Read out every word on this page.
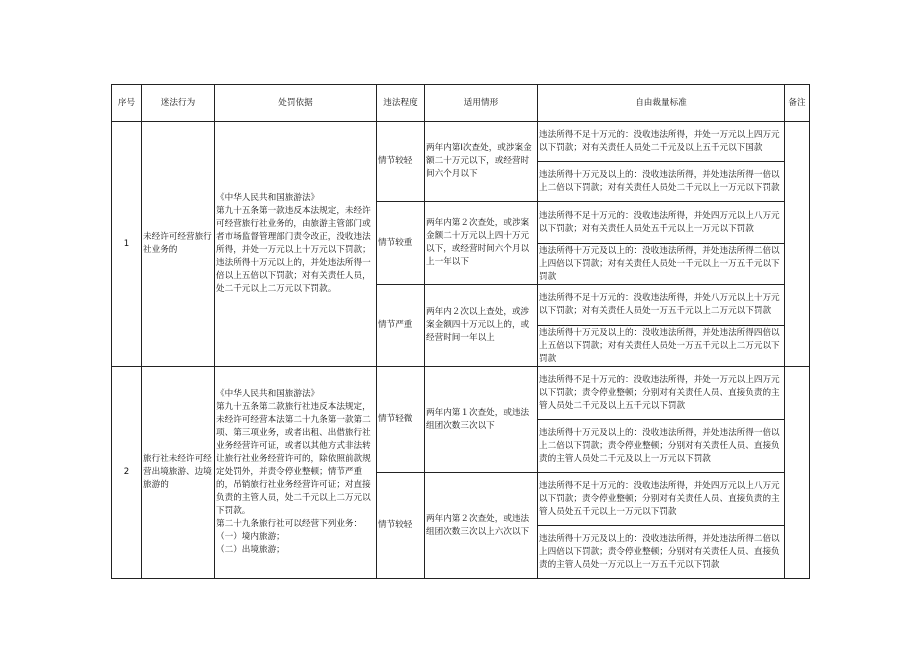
序号	迷法行为	处罚依据	违法程度	适用情形	自由裁量标准	备注
1	未经许可经营旅行社业务的	《中华人民共和国旅游法》
第九十五条第一款违反本法规定，未经许可经营旅行社业务的，由旅游主管部门或者市场监督管理部门责令改正，没收违法所得，并处一万元以上十万元以下罚款；违法所得十万元以上的，并处违法所得一倍以上五倍以下罚款；对有关责任人员，处二千元以上二万元以下罚款。	情节较轻	两年内第Ⅰ次查处，或涉案金额二十万元以下，或经营时间六个月以下	违法所得不足十万元的：没收违法所得，并处一万元以上四万元以下罚款；对有关责任人员处二千元及以上五千元以下国款	
					违法所得十万元及以上的：没收违法所得，并处违法所得一倍以上二倍以下罚款；对有关责任人员处二千元以上一万元以下罚款	
			情节较重	两年内第２次查处，或涉案金额二十万元以上四十万元以下，或经营时间六个月以上一年以下	违法所得不足十万元的：没收违法所得，并处四万元以上八万元以下罚款；对有关责任人员处五千元以上一万元以下罚款	
					违法所得十万元及以上的：没收违法所得，并处违法所得二倍以上四倍以下罚款；对有关责任人员处一千元以上一万五千元以下罚款	
			情节严重	两年内２次以上查处，或涉案金额四十万元以上的，或经营时间一年以上	违法所得不足十万元的：没收违法所得，并处八万元以上十万元以下罚款；对有关责任人员处一万五千元以上二万元以下罚款	
					违法所得十万元及以上的：没收违法所得，并处违法所得四倍以上五倍以下罚款；对有关责任人员处一万五千元以上二万元以下罚款	
2	旅行社未经许可经营出境旅游、边境旅游的	《中华人民共和国旅游法》
第九十五条第二款旅行社违反本法规定，未经许可经营本法第二十九条第一款第二项、第三项业务，或者出租、出借旅行社业务经营许可证，或者以其他方式非法转让旅行社业务经营许可的，除依照前款规定处罚外，并责令停业整顿；情节严重的，吊销旅行社业务经营许可证；对直接负责的主管人员，处二千元以上二万元以下罚款。
第二十九条旅行社可以经营下列业务：
（一）境内旅游；
（二）出境旅游；	情节轻微	两年内第１次查处，或违法组团次数三次以下	违法所得不足十万元的：没收违法所得，并处一万元以上四万元以下罚款；责令停业整顿；分别对有关责任人员、直接负责的主管人员处二千元及以上五千元以下罚款	
					违法所得十万元及以上的：没收违法所得，并处违法所得一倍以上二倍以下罚款；责令停业整顿；分别对有关责任人员、直接负责的主管人员处二千元及以上一万元以下罚款	
			情节较轻	两年内第２次查处，或违法组团次数三次以上六次以下	违法所得不足十万元的：没收违法所得，并处四万元以上八万元以下罚款；责令停业整顿；分别对有关责任人员、直接负责的主管人员处五千元以上一万元以下罚款	
					违法所得十万元及以上的：没收违法所得，并处违法所得二倍以上四倍以下罚款；责令停业整顿；分别对有关责任人员、直接负责的主管人员处一万元以上一万五千元以下罚款	
